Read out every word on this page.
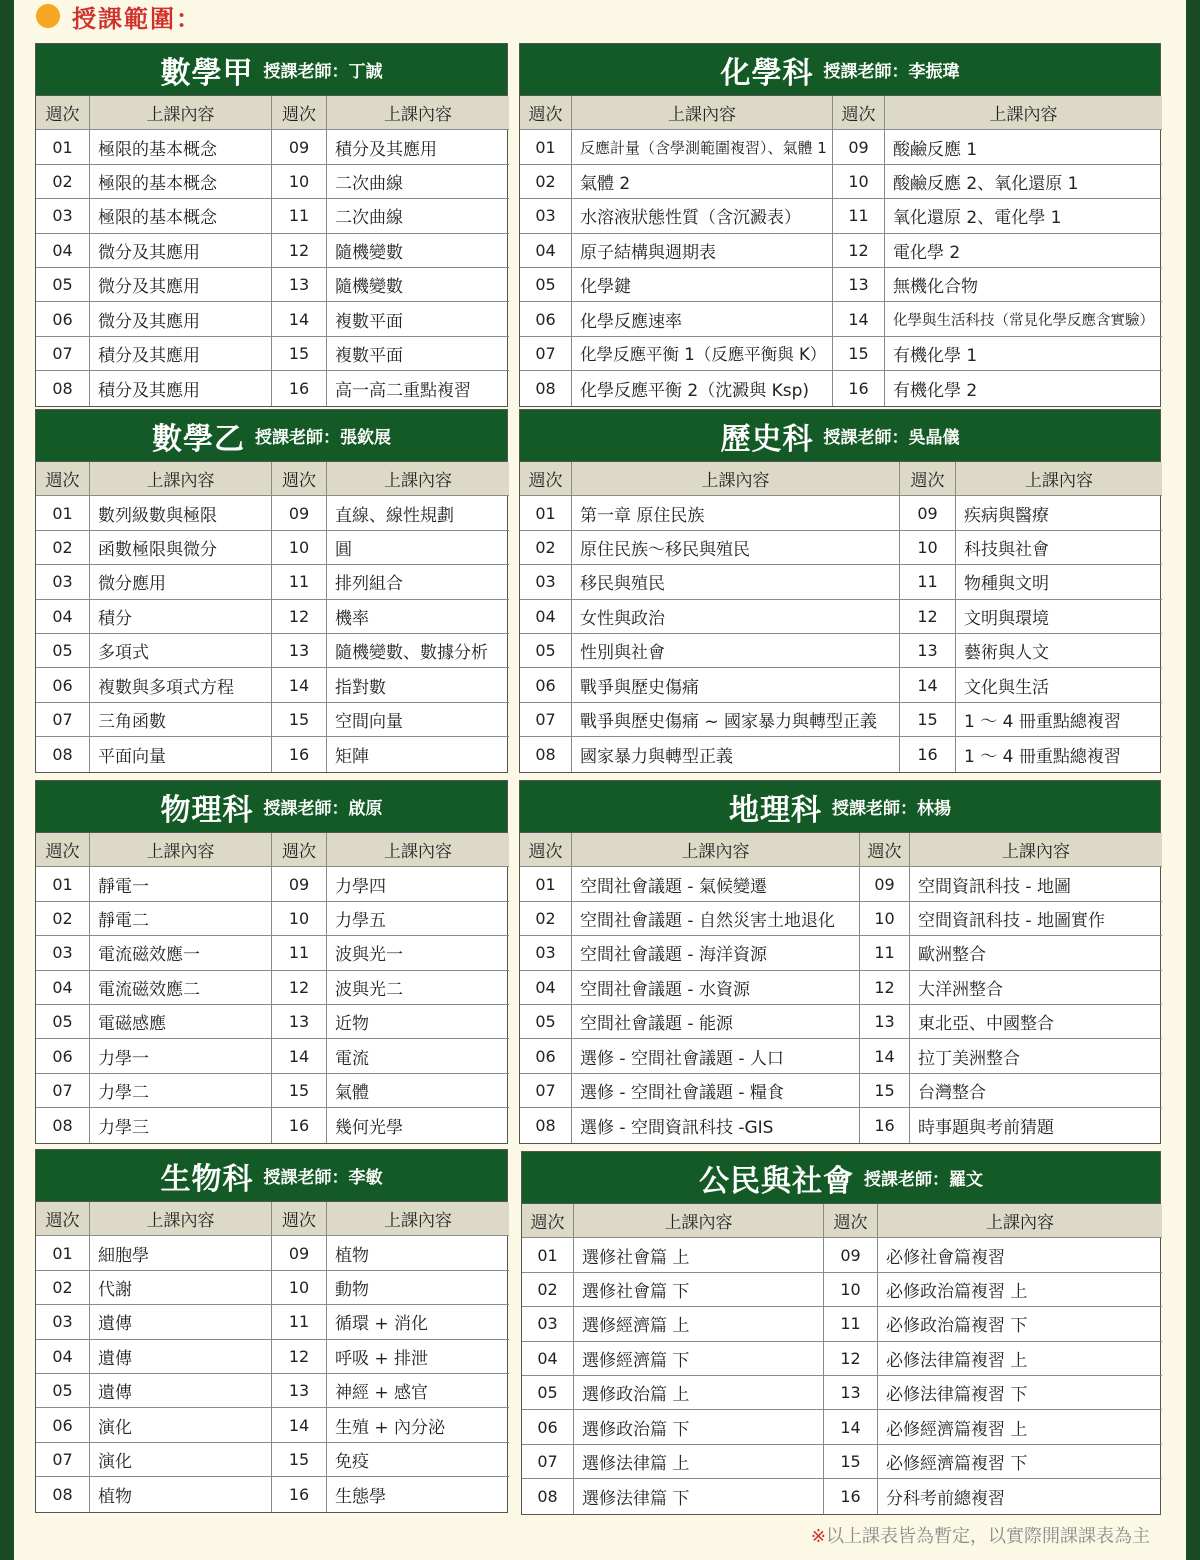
授課範圍：
數學甲 授課老師：丁誠
週次	上課內容	週次	上課內容
01	極限的基本概念	09	積分及其應用
02	極限的基本概念	10	二次曲線
03	極限的基本概念	11	二次曲線
04	微分及其應用	12	隨機變數
05	微分及其應用	13	隨機變數
06	微分及其應用	14	複數平面
07	積分及其應用	15	複數平面
08	積分及其應用	16	高一高二重點複習
化學科 授課老師：李振瑋
週次	上課內容	週次	上課內容
01	反應計量（含學測範圍複習）、氣體 1	09	酸鹼反應 1
02	氣體 2	10	酸鹼反應 2、氧化還原 1
03	水溶液狀態性質（含沉澱表）	11	氧化還原 2、電化學 1
04	原子結構與週期表	12	電化學 2
05	化學鍵	13	無機化合物
06	化學反應速率	14	化學與生活科技（常見化學反應含實驗）
07	化學反應平衡 1（反應平衡與 K）	15	有機化學 1
08	化學反應平衡 2（沈澱與 Ksp)	16	有機化學 2
數學乙 授課老師：張欽展
週次	上課內容	週次	上課內容
01	數列級數與極限	09	直線、線性規劃
02	函數極限與微分	10	圓
03	微分應用	11	排列組合
04	積分	12	機率
05	多項式	13	隨機變數、數據分析
06	複數與多項式方程	14	指對數
07	三角函數	15	空間向量
08	平面向量	16	矩陣
歷史科 授課老師：吳晶儀
週次	上課內容	週次	上課內容
01	第一章 原住民族	09	疾病與醫療
02	原住民族〜移民與殖民	10	科技與社會
03	移民與殖民	11	物種與文明
04	女性與政治	12	文明與環境
05	性別與社會	13	藝術與人文
06	戰爭與歷史傷痛	14	文化與生活
07	戰爭與歷史傷痛 ~ 國家暴力與轉型正義	15	1 〜 4 冊重點總複習
08	國家暴力與轉型正義	16	1 〜 4 冊重點總複習
物理科 授課老師：啟原
週次	上課內容	週次	上課內容
01	靜電一	09	力學四
02	靜電二	10	力學五
03	電流磁效應一	11	波與光一
04	電流磁效應二	12	波與光二
05	電磁感應	13	近物
06	力學一	14	電流
07	力學二	15	氣體
08	力學三	16	幾何光學
地理科 授課老師：林揚
週次	上課內容	週次	上課內容
01	空間社會議題 - 氣候變遷	09	空間資訊科技 - 地圖
02	空間社會議題 - 自然災害土地退化	10	空間資訊科技 - 地圖實作
03	空間社會議題 - 海洋資源	11	歐洲整合
04	空間社會議題 - 水資源	12	大洋洲整合
05	空間社會議題 - 能源	13	東北亞、中國整合
06	選修 - 空間社會議題 - 人口	14	拉丁美洲整合
07	選修 - 空間社會議題 - 糧食	15	台灣整合
08	選修 - 空間資訊科技 -GIS	16	時事題與考前猜題
生物科 授課老師：李敏
週次	上課內容	週次	上課內容
01	細胞學	09	植物
02	代謝	10	動物
03	遺傳	11	循環 + 消化
04	遺傳	12	呼吸 + 排泄
05	遺傳	13	神經 + 感官
06	演化	14	生殖 + 內分泌
07	演化	15	免疫
08	植物	16	生態學
公民與社會 授課老師：羅文
週次	上課內容	週次	上課內容
01	選修社會篇 上	09	必修社會篇複習
02	選修社會篇 下	10	必修政治篇複習 上
03	選修經濟篇 上	11	必修政治篇複習 下
04	選修經濟篇 下	12	必修法律篇複習 上
05	選修政治篇 上	13	必修法律篇複習 下
06	選修政治篇 下	14	必修經濟篇複習 上
07	選修法律篇 上	15	必修經濟篇複習 下
08	選修法律篇 下	16	分科考前總複習
※以上課表皆為暫定，以實際開課課表為主
